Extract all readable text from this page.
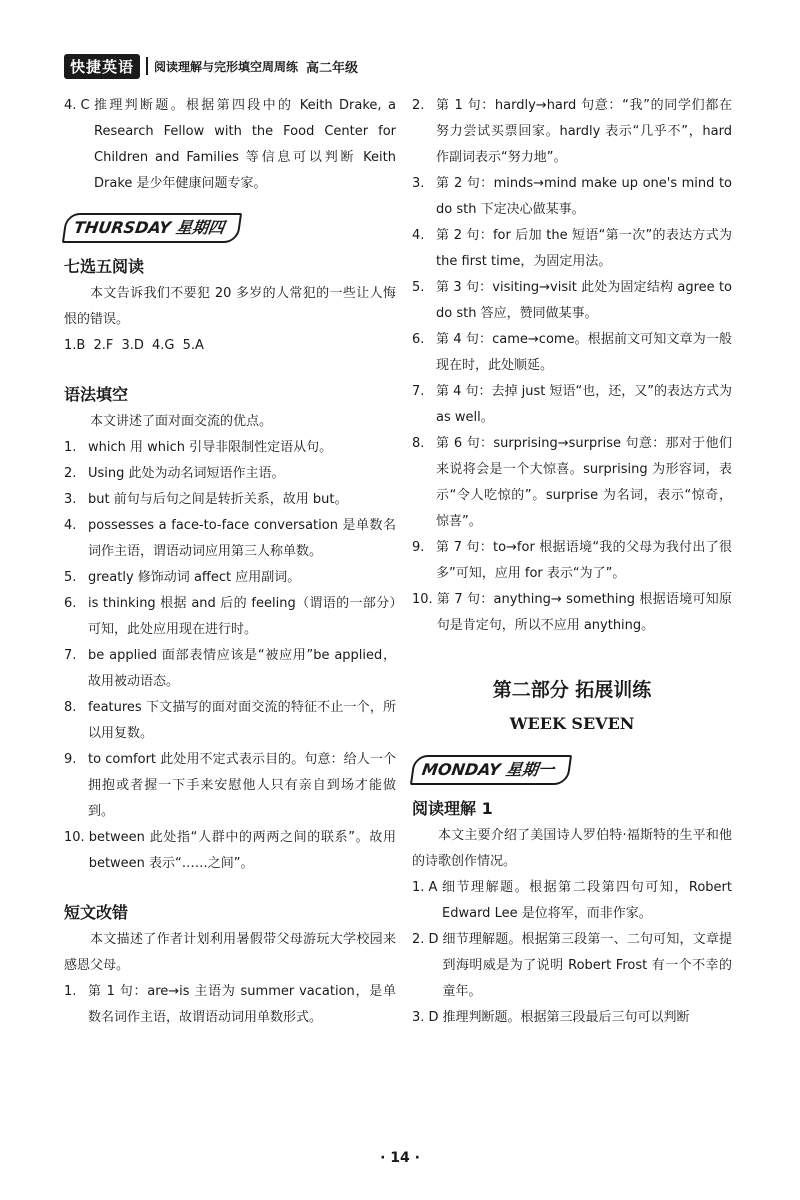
快捷英语	阅读理解与完形填空周周练 高二年级
4. C 推理判断题。根据第四段中的 Keith Drake, a Research Fellow with the Food Center for Children and Families 等信息可以判断 Keith Drake 是少年健康问题专家。
THURSDAY 星期四
七选五阅读
本文告诉我们不要犯 20 多岁的人常犯的一些让人悔恨的错误。
1.B 2.F 3.D 4.G 5.A
语法填空
本文讲述了面对面交流的优点。
1. which 用 which 引导非限制性定语从句。
2. Using 此处为动名词短语作主语。
3. but 前句与后句之间是转折关系，故用 but。
4. possesses a face-to-face conversation 是单数名词作主语，谓语动词应用第三人称单数。
5. greatly 修饰动词 affect 应用副词。
6. is thinking 根据 and 后的 feeling（谓语的一部分）可知，此处应用现在进行时。
7. be applied 面部表情应该是“被应用”be applied，故用被动语态。
8. features 下文描写的面对面交流的特征不止一个，所以用复数。
9. to comfort 此处用不定式表示目的。句意：给人一个拥抱或者握一下手来安慰他人只有亲自到场才能做到。
10. between 此处指“人群中的两两之间的联系”。故用 between 表示“……之间”。
短文改错
本文描述了作者计划利用暑假带父母游玩大学校园来感恩父母。
1. 第 1 句：are→is 主语为 summer vacation，是单数名词作主语，故谓语动词用单数形式。
2. 第 1 句：hardly→hard 句意：“我”的同学们都在努力尝试买票回家。hardly 表示“几乎不”，hard 作副词表示“努力地”。
3. 第 2 句：minds→mind make up one's mind to do sth 下定决心做某事。
4. 第 2 句：for 后加 the 短语“第一次”的表达方式为 the first time，为固定用法。
5. 第 3 句：visiting→visit 此处为固定结构 agree to do sth 答应，赞同做某事。
6. 第 4 句：came→come。根据前文可知文章为一般现在时，此处顺延。
7. 第 4 句：去掉 just 短语“也，还，又”的表达方式为 as well。
8. 第 6 句：surprising→surprise 句意：那对于他们来说将会是一个大惊喜。surprising 为形容词，表示“令人吃惊的”。surprise 为名词，表示“惊奇，惊喜”。
9. 第 7 句：to→for 根据语境“我的父母为我付出了很多”可知，应用 for 表示“为了”。
10. 第 7 句：anything→ something 根据语境可知原句是肯定句，所以不应用 anything。
第二部分 拓展训练
WEEK SEVEN
MONDAY 星期一
阅读理解 1
本文主要介绍了美国诗人罗伯特·福斯特的生平和他的诗歌创作情况。
1. A 细节理解题。根据第二段第四句可知，Robert Edward Lee 是位将军，而非作家。
2. D 细节理解题。根据第三段第一、二句可知，文章提到海明威是为了说明 Robert Frost 有一个不幸的童年。
3. D 推理判断题。根据第三段最后三句可以判断
· 14 ·
